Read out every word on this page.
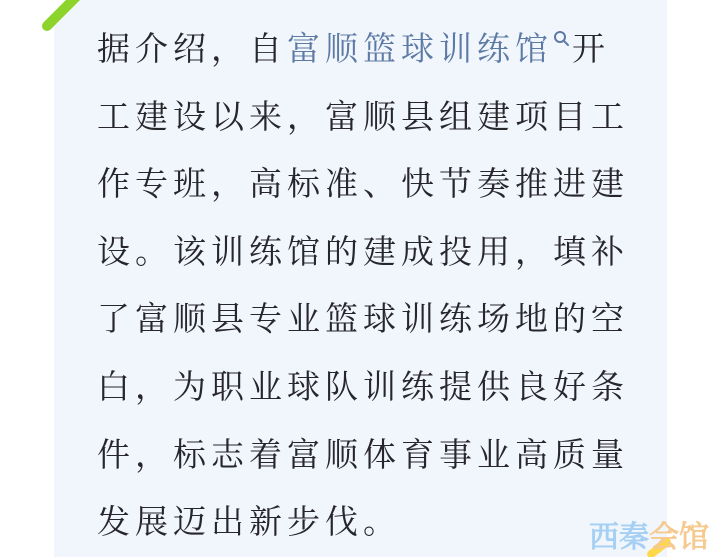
据介绍，自富顺篮球训练馆 开
工建设以来，富顺县组建项目工
作专班，高标准、快节奏推进建
设。该训练馆的建成投用，填补
了富顺县专业篮球训练场地的空
白，为职业球队训练提供良好条
件，标志着富顺体育事业高质量
发展迈出新步伐。	西秦会馆
